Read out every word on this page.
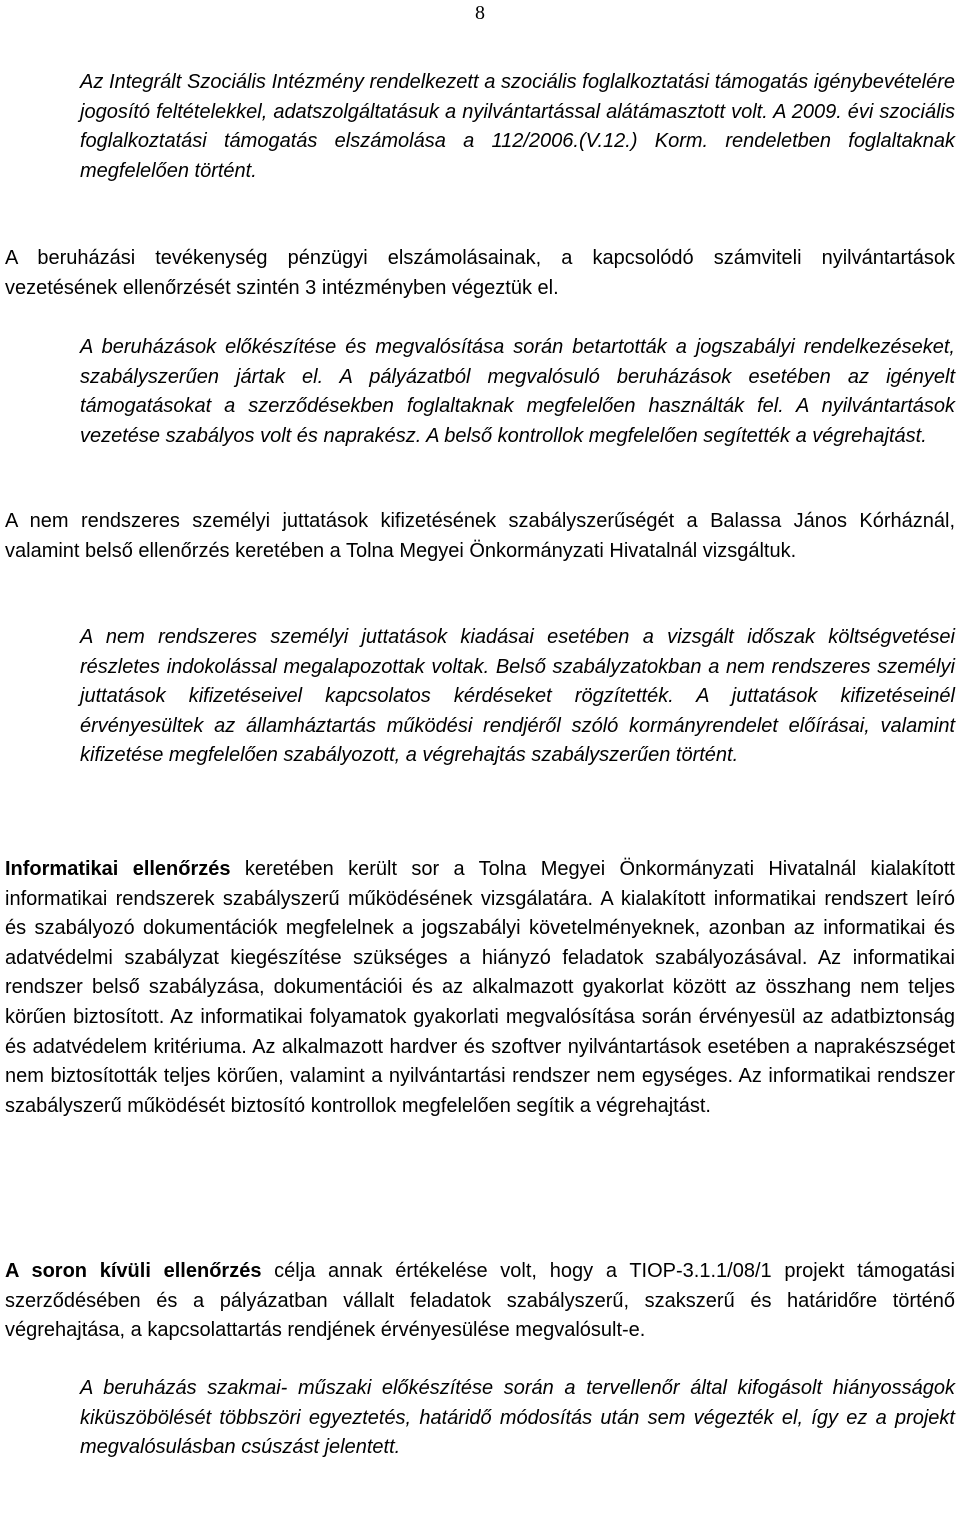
8

Az Integrált Szociális Intézmény rendelkezett a szociális foglalkoztatási támogatás igénybevételére jogosító feltételekkel, adatszolgáltatásuk a nyilvántartással alátámasztott volt. A 2009. évi szociális foglalkoztatási támogatás elszámolása a 112/2006.(V.12.) Korm. rendeletben foglaltaknak megfelelően történt.

A beruházási tevékenység pénzügyi elszámolásainak, a kapcsolódó számviteli nyilvántartások vezetésének ellenőrzését szintén 3 intézményben végeztük el.

A beruházások előkészítése és megvalósítása során betartották a jogszabályi rendelkezéseket, szabályszerűen jártak el. A pályázatból megvalósuló beruházások esetében az igényelt támogatásokat a szerződésekben foglaltaknak megfelelően használták fel. A nyilvántartások vezetése szabályos volt és naprakész. A belső kontrollok megfelelően segítették a végrehajtást.

A nem rendszeres személyi juttatások kifizetésének szabályszerűségét a Balassa János Kórháznál, valamint belső ellenőrzés keretében a Tolna Megyei Önkormányzati Hivatalnál vizsgáltuk.

A nem rendszeres személyi juttatások kiadásai esetében a vizsgált időszak költségvetései részletes indokolással megalapozottak voltak. Belső szabályzatokban a nem rendszeres személyi juttatások kifizetéseivel kapcsolatos kérdéseket rögzítették. A juttatások kifizetéseinél érvényesültek az államháztartás működési rendjéről szóló kormányrendelet előírásai, valamint kifizetése megfelelően szabályozott, a végrehajtás szabályszerűen történt.

Informatikai ellenőrzés keretében került sor a Tolna Megyei Önkormányzati Hivatalnál kialakított informatikai rendszerek szabályszerű működésének vizsgálatára. A kialakított informatikai rendszert leíró és szabályozó dokumentációk megfelelnek a jogszabályi követelményeknek, azonban az informatikai és adatvédelmi szabályzat kiegészítése szükséges a hiányzó feladatok szabályozásával. Az informatikai rendszer belső szabályzása, dokumentációi és az alkalmazott gyakorlat között az összhang nem teljes körűen biztosított. Az informatikai folyamatok gyakorlati megvalósítása során érvényesül az adatbiztonság és adatvédelem kritériuma. Az alkalmazott hardver és szoftver nyilvántartások esetében a naprakészséget nem biztosították teljes körűen, valamint a nyilvántartási rendszer nem egységes. Az informatikai rendszer szabályszerű működését biztosító kontrollok megfelelően segítik a végrehajtást.

A soron kívüli ellenőrzés célja annak értékelése volt, hogy a TIOP-3.1.1/08/1 projekt támogatási szerződésében és a pályázatban vállalt feladatok szabályszerű, szakszerű és határidőre történő végrehajtása, a kapcsolattartás rendjének érvényesülése megvalósult-e.

A beruházás szakmai- műszaki előkészítése során a tervellenőr által kifogásolt hiányosságok kiküszöbölését többszöri egyeztetés, határidő módosítás után sem végezték el, így ez a projekt megvalósulásban csúszást jelentett.
